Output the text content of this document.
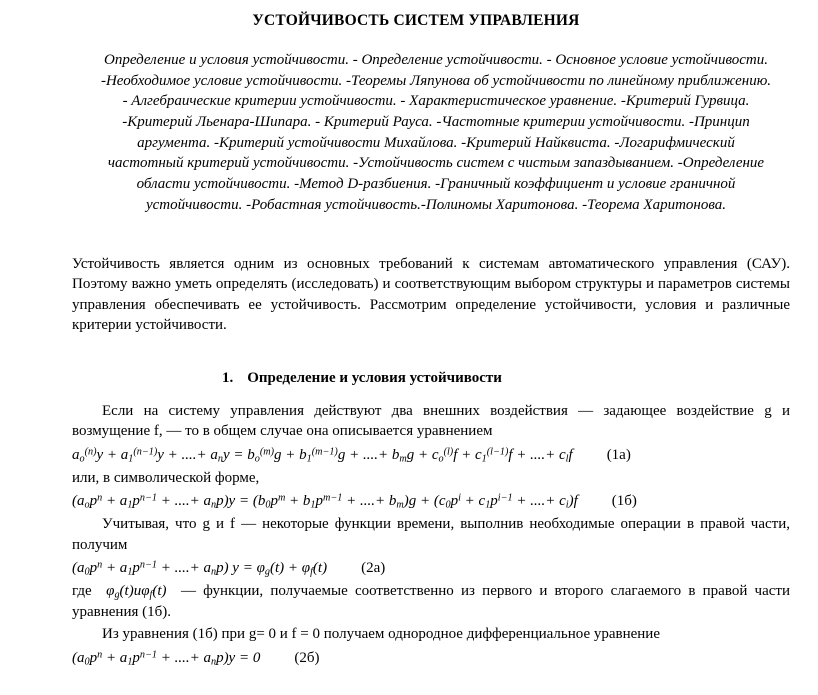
УСТОЙЧИВОСТЬ СИСТЕМ УПРАВЛЕНИЯ
Определение и условия устойчивости. - Определение устойчивости. - Основное условие устойчивости. -Необходимое условие устойчивости. -Теоремы Ляпунова об устойчивости по линейному приближению. - Алгебраические критерии устойчивости. - Характеристическое уравнение. -Критерий Гурвица. -Критерий Льенара-Шипара. - Критерий Рауса. -Частотные критерии устойчивости. -Принцип аргумента. -Критерий устойчивости Михайлова. -Критерий Найквиста. -Логарифмический частотный критерий устойчивости. -Устойчивость систем с чистым запаздыванием. -Определение области устойчивости. -Метод D-разбиения. -Граничный коэффициент и условие граничной устойчивости. -Робастная устойчивость.-Полиномы Харитонова. -Теорема Харитонова.

Устойчивость является одним из основных требований к системам автоматического управления (САУ). Поэтому важно уметь определять (исследовать) и соответствующим выбором структуры и параметров системы управления обеспечивать ее устойчивость. Рассмотрим определение устойчивости, условия и различные критерии устойчивости.

1. Определение и условия устойчивости

Если на систему управления действуют два внешних воздействия — задающее воздействие g и возмущение f, — то в общем случае она описывается уравнением

$a_o^{(n)}y + a_1^{(n-1)}y$ + ....+ $a_ny = b_o^{(m)}g + b_1^{(m-1)}g$ + ....+ $b_mg + c_o^{(l)}f + c_1^{(l-1)}f$ + ....+ $c_lf$ (1а)

или, в символической форме,

($a_op^n + a_1p^{n-1}$ + ....+ $a_np)y = (b_0p^m + b_1p^{m-1}$ + ....+ $b_m)g + (c_0p^i + c_1p^{i-1}$ + ....+ $c_i)f$ (1б)

Учитывая, что g и f — некоторые функции времени, выполнив необходимые операции в правой части, получим

($a_0p^n + a_1p^{n-1}$ + ....+ $a_np$) $y = \varphi_g(t) + \varphi_f(t)$ (2а)

где  $\varphi_g(t)и\varphi_f(t)$  — функции, получаемые соответственно из первого и второго слагаемого в правой части уравнения (1б).

Из уравнения (1б) при g= 0 и f = 0 получаем однородное дифференциальное уравнение

($a_0p^n + a_1p^{n-1}$ + ....+ $a_np)y = 0$ (2б)
